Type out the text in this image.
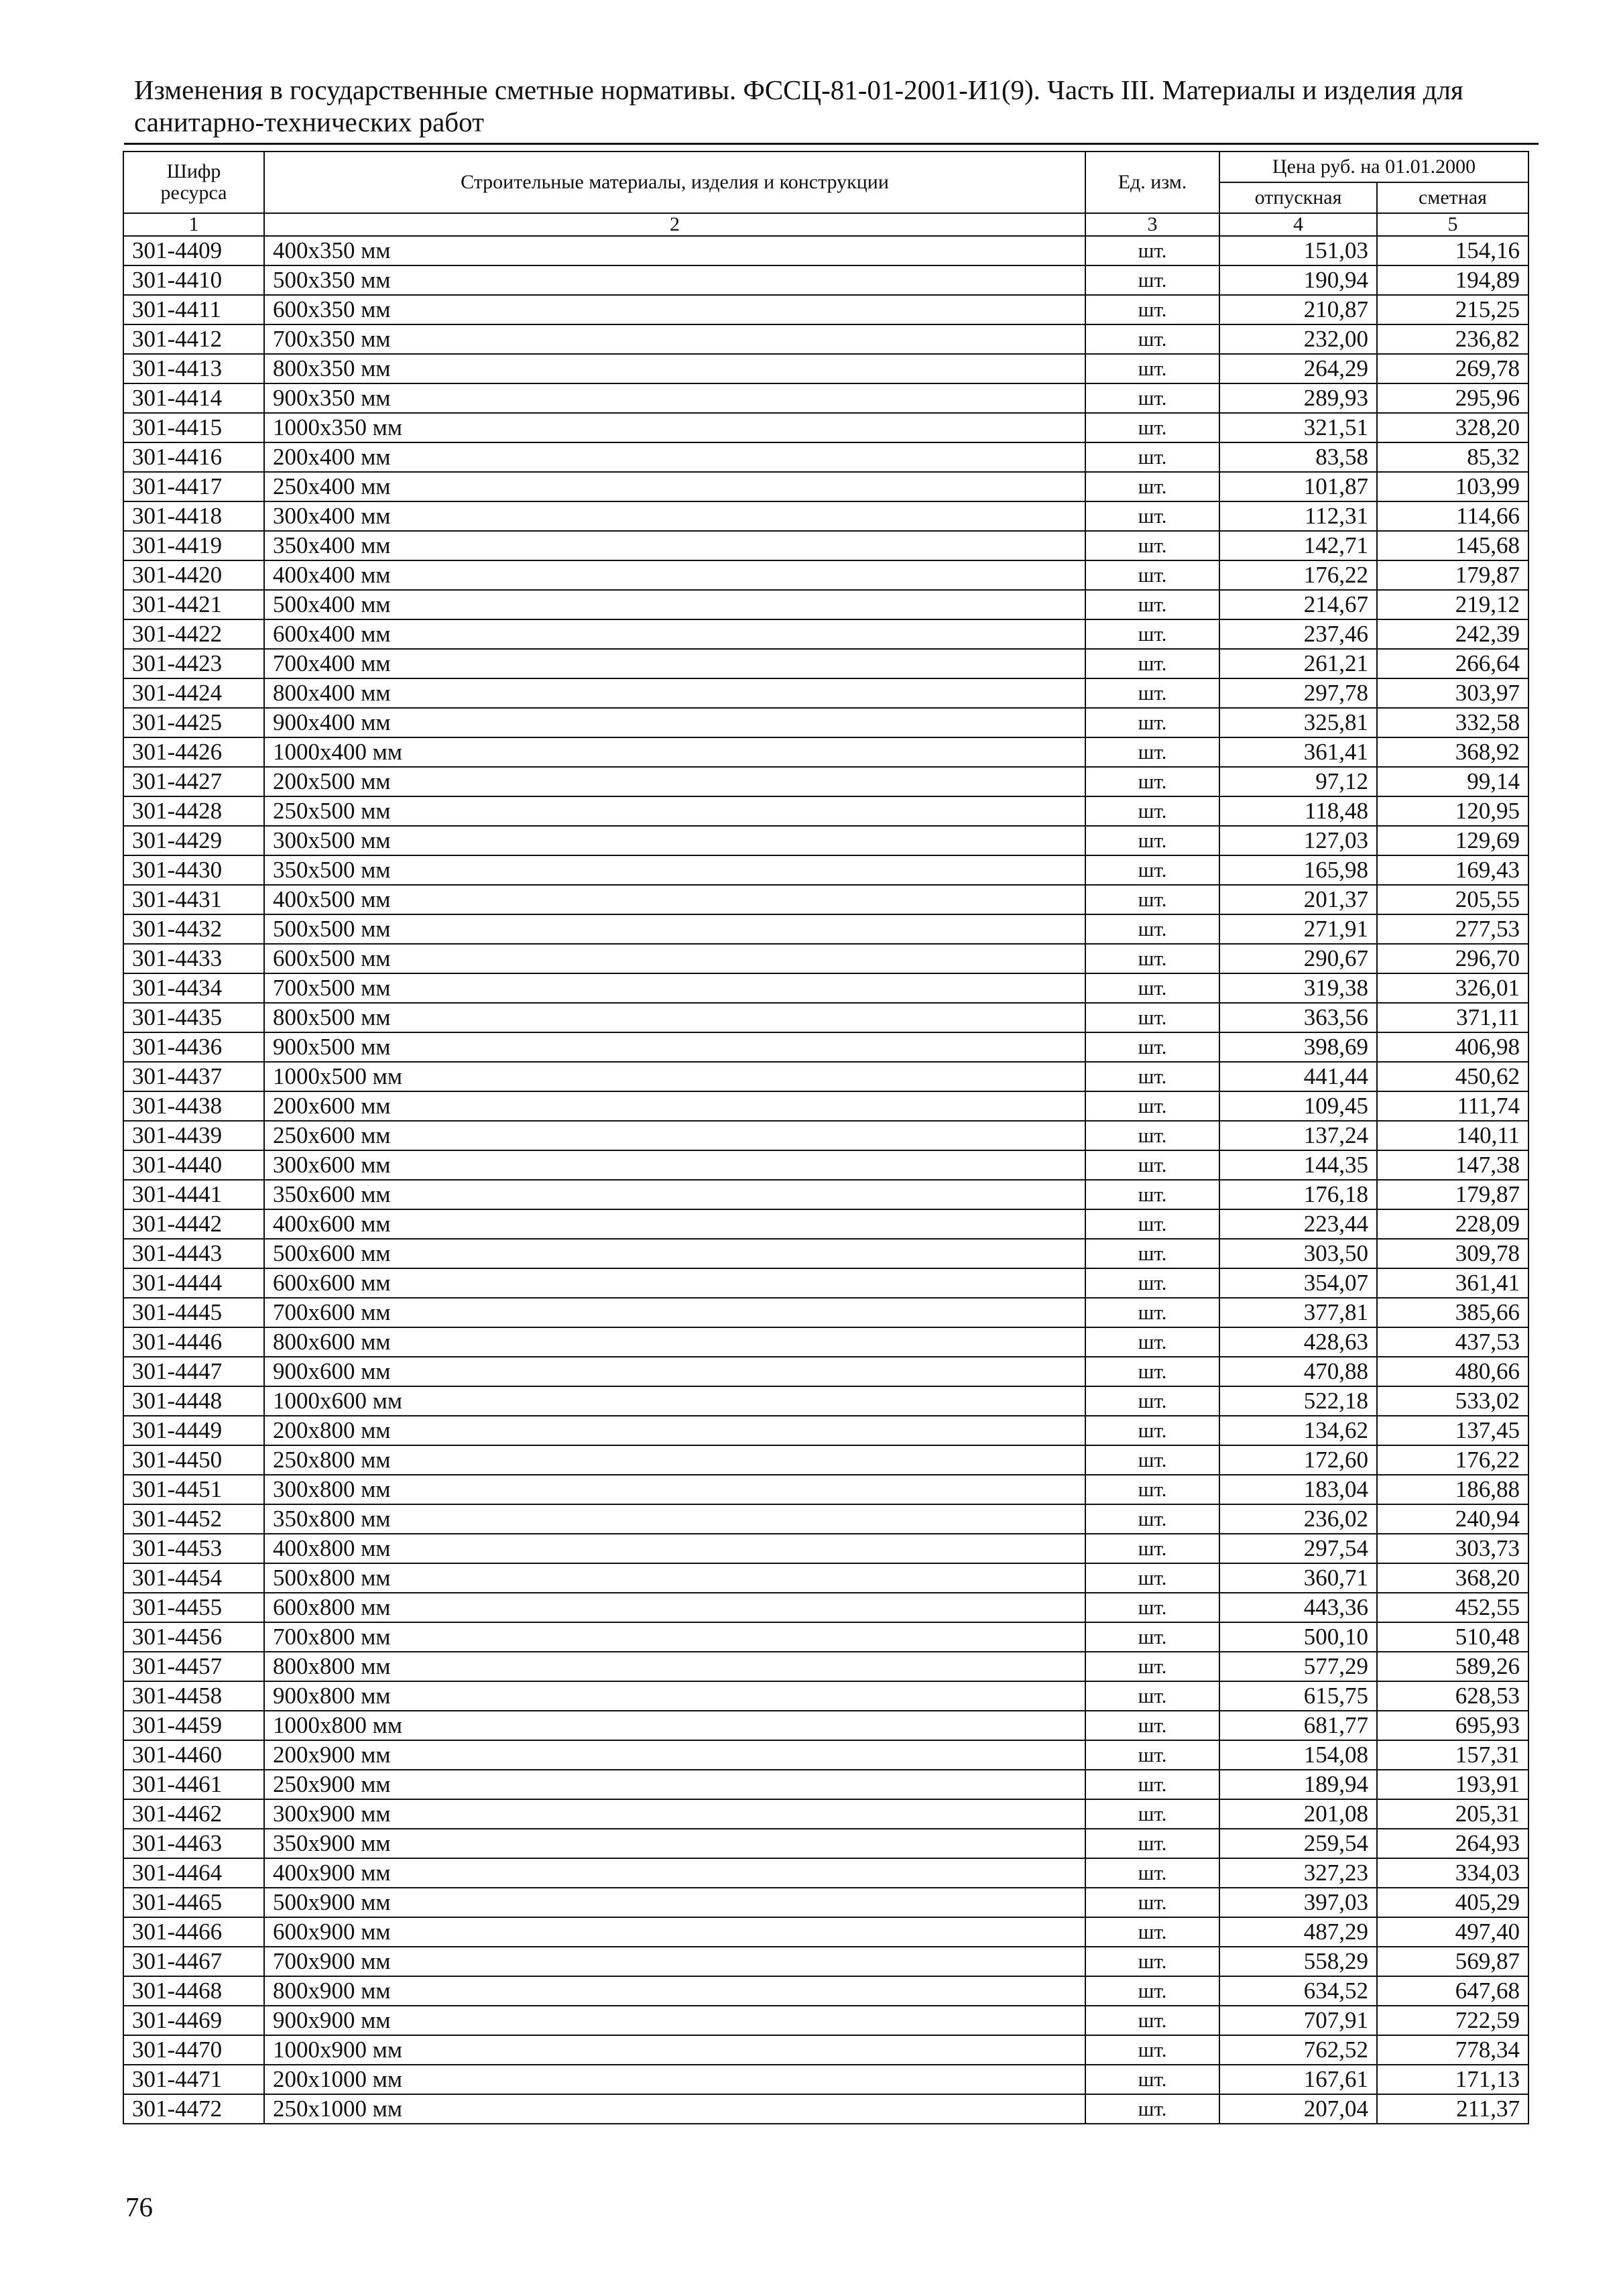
Изменения в государственные сметные нормативы. ФССЦ-81-01-2001-И1(9). Часть III. Материалы и изделия для санитарно-технических работ
Шифр ресурса	Строительные материалы, изделия и конструкции	Ед. изм.	Цена руб. на 01.01.2000	
			отпускная	сметная
1	2	3	4	5
301-4409	400х350 мм	шт.	151,03	154,16
301-4410	500х350 мм	шт.	190,94	194,89
301-4411	600х350 мм	шт.	210,87	215,25
301-4412	700х350 мм	шт.	232,00	236,82
301-4413	800х350 мм	шт.	264,29	269,78
301-4414	900х350 мм	шт.	289,93	295,96
301-4415	1000х350 мм	шт.	321,51	328,20
301-4416	200х400 мм	шт.	83,58	85,32
301-4417	250х400 мм	шт.	101,87	103,99
301-4418	300х400 мм	шт.	112,31	114,66
301-4419	350х400 мм	шт.	142,71	145,68
301-4420	400х400 мм	шт.	176,22	179,87
301-4421	500х400 мм	шт.	214,67	219,12
301-4422	600х400 мм	шт.	237,46	242,39
301-4423	700х400 мм	шт.	261,21	266,64
301-4424	800х400 мм	шт.	297,78	303,97
301-4425	900х400 мм	шт.	325,81	332,58
301-4426	1000х400 мм	шт.	361,41	368,92
301-4427	200х500 мм	шт.	97,12	99,14
301-4428	250х500 мм	шт.	118,48	120,95
301-4429	300х500 мм	шт.	127,03	129,69
301-4430	350х500 мм	шт.	165,98	169,43
301-4431	400х500 мм	шт.	201,37	205,55
301-4432	500х500 мм	шт.	271,91	277,53
301-4433	600х500 мм	шт.	290,67	296,70
301-4434	700х500 мм	шт.	319,38	326,01
301-4435	800х500 мм	шт.	363,56	371,11
301-4436	900х500 мм	шт.	398,69	406,98
301-4437	1000х500 мм	шт.	441,44	450,62
301-4438	200х600 мм	шт.	109,45	111,74
301-4439	250х600 мм	шт.	137,24	140,11
301-4440	300х600 мм	шт.	144,35	147,38
301-4441	350х600 мм	шт.	176,18	179,87
301-4442	400х600 мм	шт.	223,44	228,09
301-4443	500х600 мм	шт.	303,50	309,78
301-4444	600х600 мм	шт.	354,07	361,41
301-4445	700х600 мм	шт.	377,81	385,66
301-4446	800х600 мм	шт.	428,63	437,53
301-4447	900х600 мм	шт.	470,88	480,66
301-4448	1000х600 мм	шт.	522,18	533,02
301-4449	200х800 мм	шт.	134,62	137,45
301-4450	250х800 мм	шт.	172,60	176,22
301-4451	300х800 мм	шт.	183,04	186,88
301-4452	350х800 мм	шт.	236,02	240,94
301-4453	400х800 мм	шт.	297,54	303,73
301-4454	500х800 мм	шт.	360,71	368,20
301-4455	600х800 мм	шт.	443,36	452,55
301-4456	700х800 мм	шт.	500,10	510,48
301-4457	800х800 мм	шт.	577,29	589,26
301-4458	900х800 мм	шт.	615,75	628,53
301-4459	1000х800 мм	шт.	681,77	695,93
301-4460	200х900 мм	шт.	154,08	157,31
301-4461	250х900 мм	шт.	189,94	193,91
301-4462	300х900 мм	шт.	201,08	205,31
301-4463	350х900 мм	шт.	259,54	264,93
301-4464	400х900 мм	шт.	327,23	334,03
301-4465	500х900 мм	шт.	397,03	405,29
301-4466	600х900 мм	шт.	487,29	497,40
301-4467	700х900 мм	шт.	558,29	569,87
301-4468	800х900 мм	шт.	634,52	647,68
301-4469	900х900 мм	шт.	707,91	722,59
301-4470	1000х900 мм	шт.	762,52	778,34
301-4471	200х1000 мм	шт.	167,61	171,13
301-4472	250х1000 мм	шт.	207,04	211,37
76
